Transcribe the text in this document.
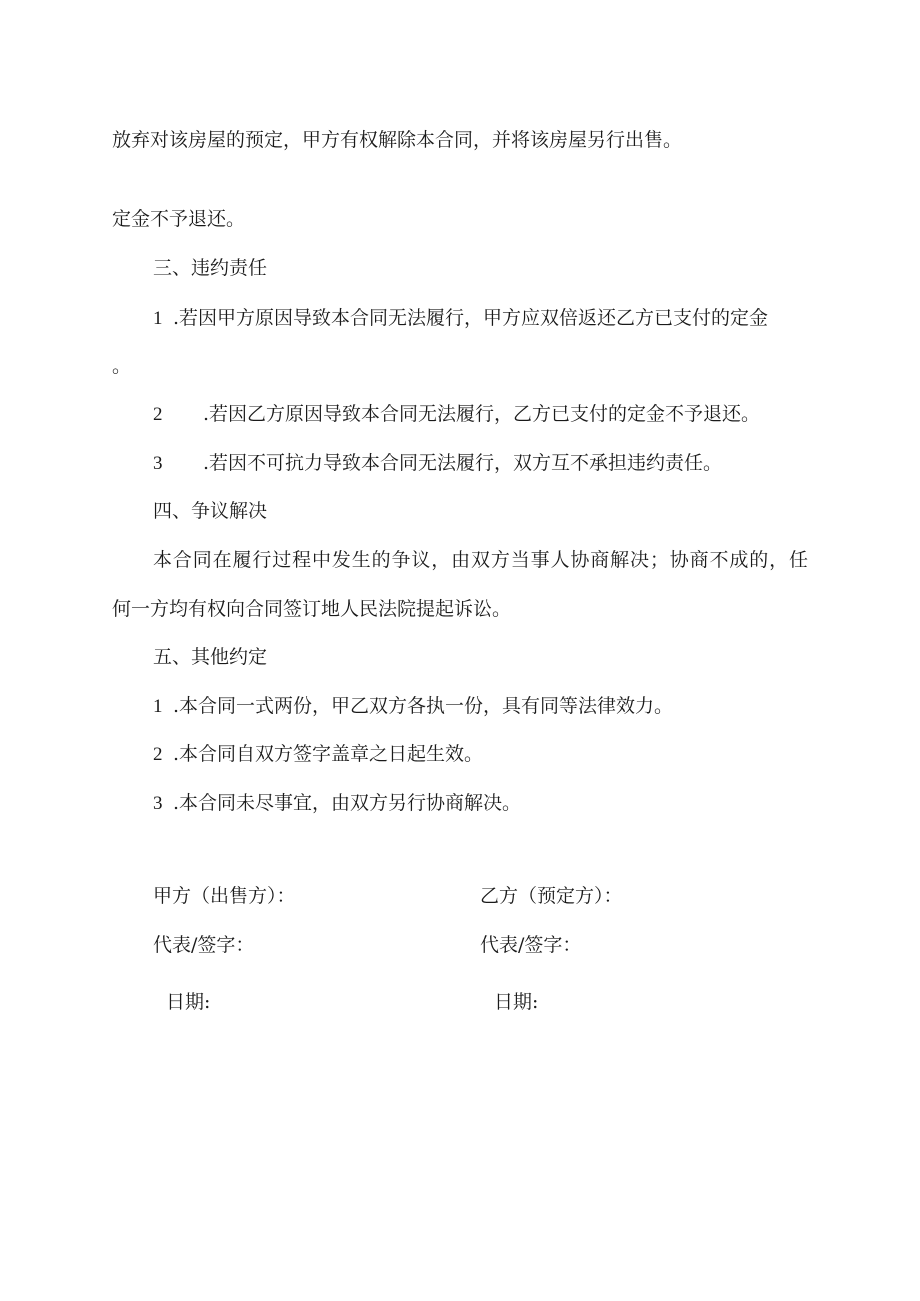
放弃对该房屋的预定，甲方有权解除本合同，并将该房屋另行出售。
定金不予退还。
三、违约责任
1 .若因甲方原因导致本合同无法履行，甲方应双倍返还乙方已支付的定金
。
2 .若因乙方原因导致本合同无法履行，乙方已支付的定金不予退还。
3 .若因不可抗力导致本合同无法履行，双方互不承担违约责任。
四、争议解决
本合同在履行过程中发生的争议，由双方当事人协商解决；协商不成的，任
何一方均有权向合同签订地人民法院提起诉讼。
五、其他约定
1 .本合同一式两份，甲乙双方各执一份，具有同等法律效力。
2 .本合同自双方签字盖章之日起生效。
3 .本合同未尽事宜，由双方另行协商解决。
甲方（出售方）：	乙方（预定方）：
代表/签字：	代表/签字：
日期:	日期:
